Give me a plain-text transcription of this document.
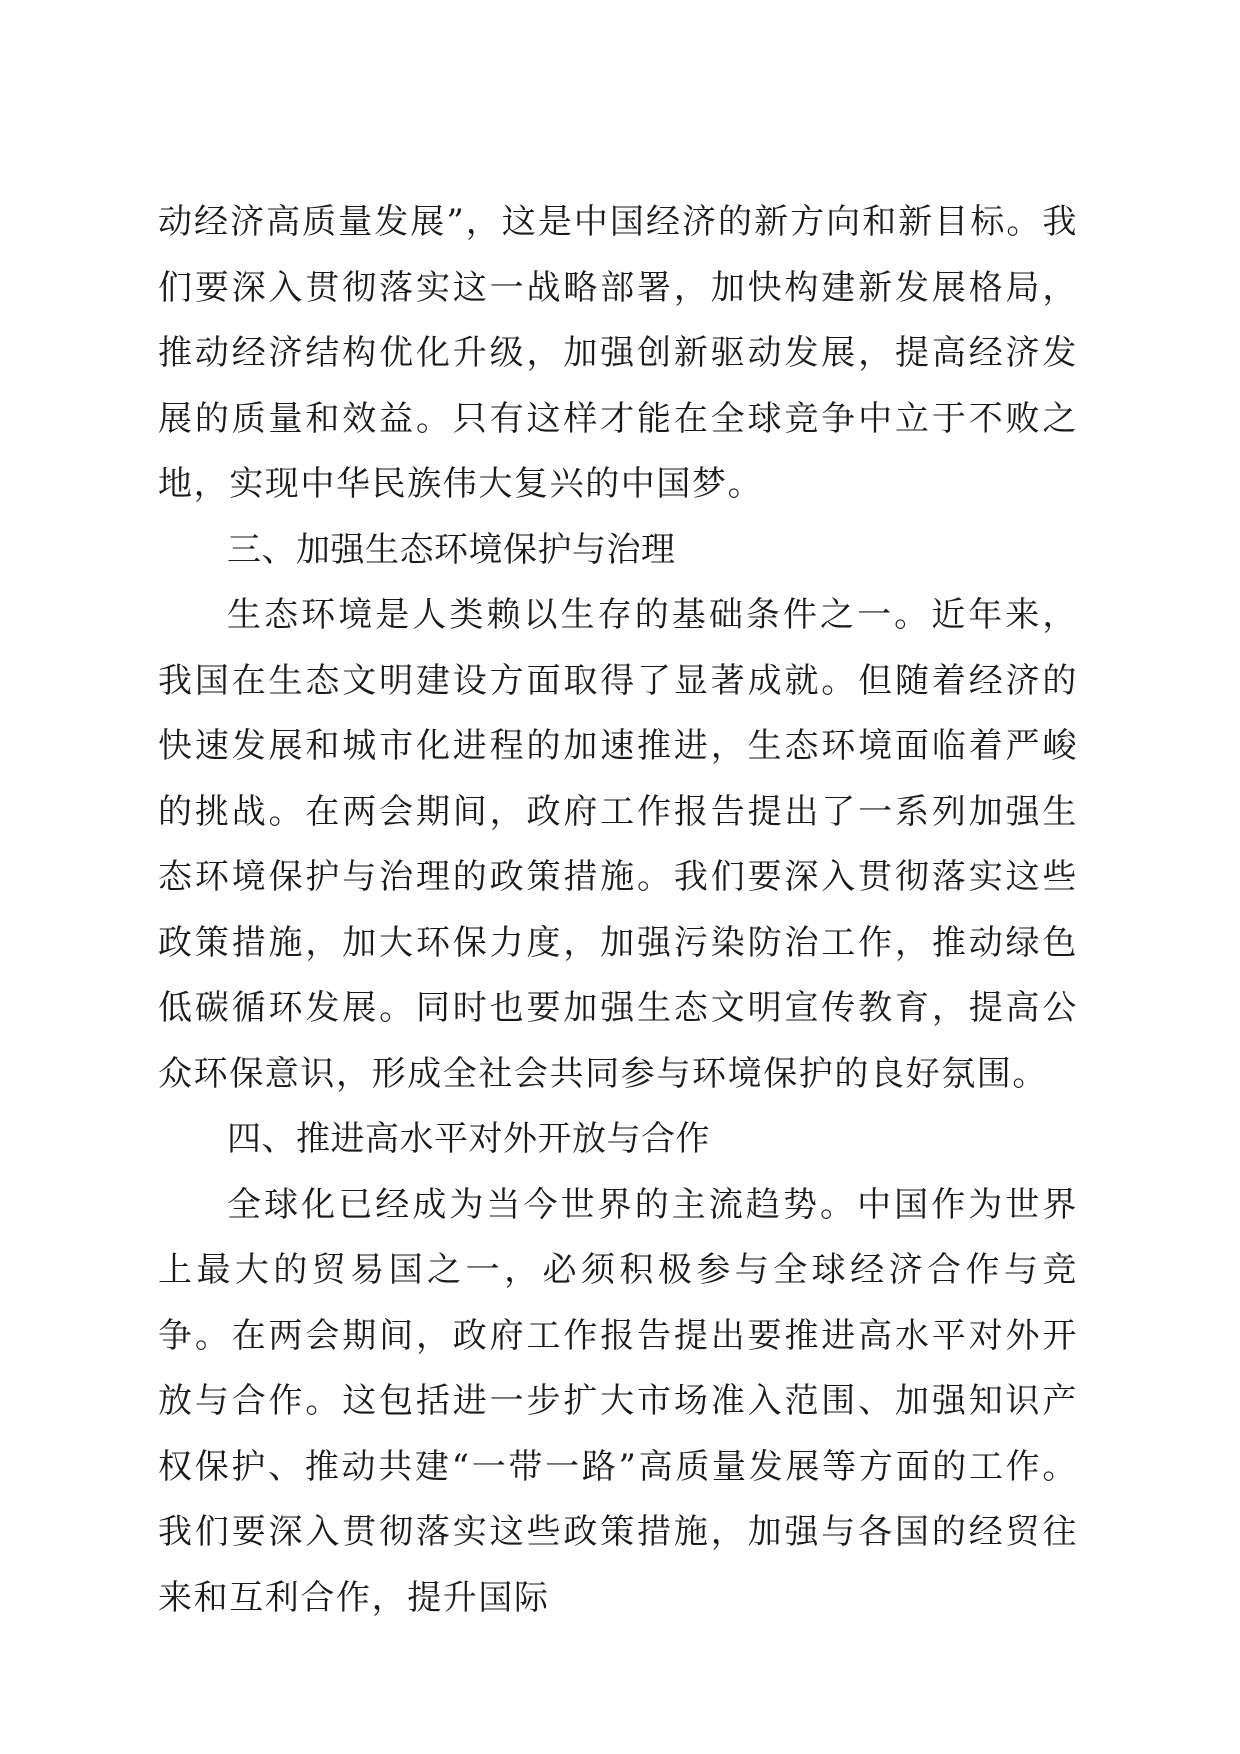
动经济高质量发展”，这是中国经济的新方向和新目标。我们要深入贯彻落实这一战略部署，加快构建新发展格局，推动经济结构优化升级，加强创新驱动发展，提高经济发展的质量和效益。只有这样才能在全球竞争中立于不败之地，实现中华民族伟大复兴的中国梦。

三、加强生态环境保护与治理

生态环境是人类赖以生存的基础条件之一。近年来，我国在生态文明建设方面取得了显著成就。但随着经济的快速发展和城市化进程的加速推进，生态环境面临着严峻的挑战。在两会期间，政府工作报告提出了一系列加强生态环境保护与治理的政策措施。我们要深入贯彻落实这些政策措施，加大环保力度，加强污染防治工作，推动绿色低碳循环发展。同时也要加强生态文明宣传教育，提高公众环保意识，形成全社会共同参与环境保护的良好氛围。

四、推进高水平对外开放与合作

全球化已经成为当今世界的主流趋势。中国作为世界上最大的贸易国之一，必须积极参与全球经济合作与竞争。在两会期间，政府工作报告提出要推进高水平对外开放与合作。这包括进一步扩大市场准入范围、加强知识产权保护、推动共建“一带一路”高质量发展等方面的工作。我们要深入贯彻落实这些政策措施，加强与各国的经贸往来和互利合作，提升国际
